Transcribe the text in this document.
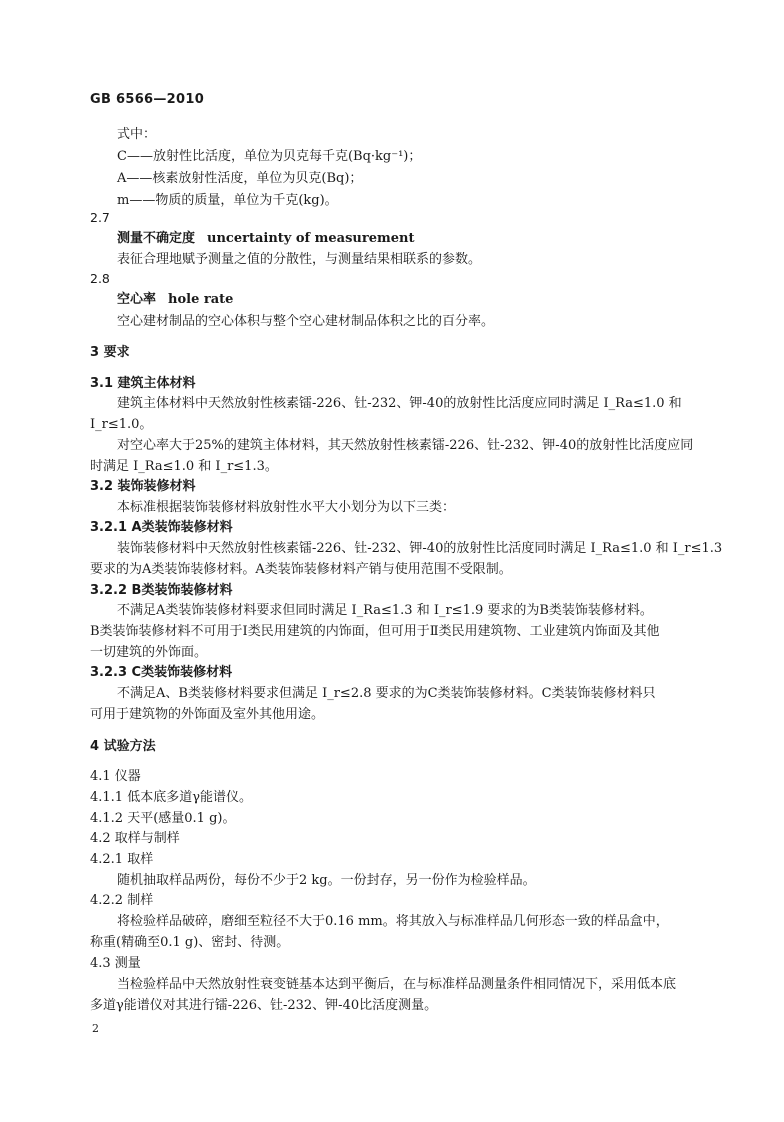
GB 6566—2010
式中：
C——放射性比活度，单位为贝克每千克(Bq·kg⁻¹)；
A——核素放射性活度，单位为贝克(Bq)；
m——物质的质量，单位为千克(kg)。
2.7
测量不确定度 uncertainty of measurement
表征合理地赋予测量之值的分散性，与测量结果相联系的参数。
2.8
空心率 hole rate
空心建材制品的空心体积与整个空心建材制品体积之比的百分率。
3 要求
3.1 建筑主体材料
建筑主体材料中天然放射性核素镭-226、钍-232、钾-40的放射性比活度应同时满足 I_Ra≤1.0 和
I_r≤1.0。
对空心率大于25%的建筑主体材料，其天然放射性核素镭-226、钍-232、钾-40的放射性比活度应同
时满足 I_Ra≤1.0 和 I_r≤1.3。
3.2 装饰装修材料
本标准根据装饰装修材料放射性水平大小划分为以下三类：
3.2.1 A类装饰装修材料
装饰装修材料中天然放射性核素镭-226、钍-232、钾-40的放射性比活度同时满足 I_Ra≤1.0 和 I_r≤1.3
要求的为A类装饰装修材料。A类装饰装修材料产销与使用范围不受限制。
3.2.2 B类装饰装修材料
不满足A类装饰装修材料要求但同时满足 I_Ra≤1.3 和 I_r≤1.9 要求的为B类装饰装修材料。
B类装饰装修材料不可用于Ⅰ类民用建筑的内饰面，但可用于Ⅱ类民用建筑物、工业建筑内饰面及其他
一切建筑的外饰面。
3.2.3 C类装饰装修材料
不满足A、B类装修材料要求但满足 I_r≤2.8 要求的为C类装饰装修材料。C类装饰装修材料只
可用于建筑物的外饰面及室外其他用途。
4 试验方法
4.1 仪器
4.1.1 低本底多道γ能谱仪。
4.1.2 天平(感量0.1 g)。
4.2 取样与制样
4.2.1 取样
随机抽取样品两份，每份不少于2 kg。一份封存，另一份作为检验样品。
4.2.2 制样
将检验样品破碎，磨细至粒径不大于0.16 mm。将其放入与标准样品几何形态一致的样品盒中，
称重(精确至0.1 g)、密封、待测。
4.3 测量
当检验样品中天然放射性衰变链基本达到平衡后，在与标准样品测量条件相同情况下，采用低本底
多道γ能谱仪对其进行镭-226、钍-232、钾-40比活度测量。
2
